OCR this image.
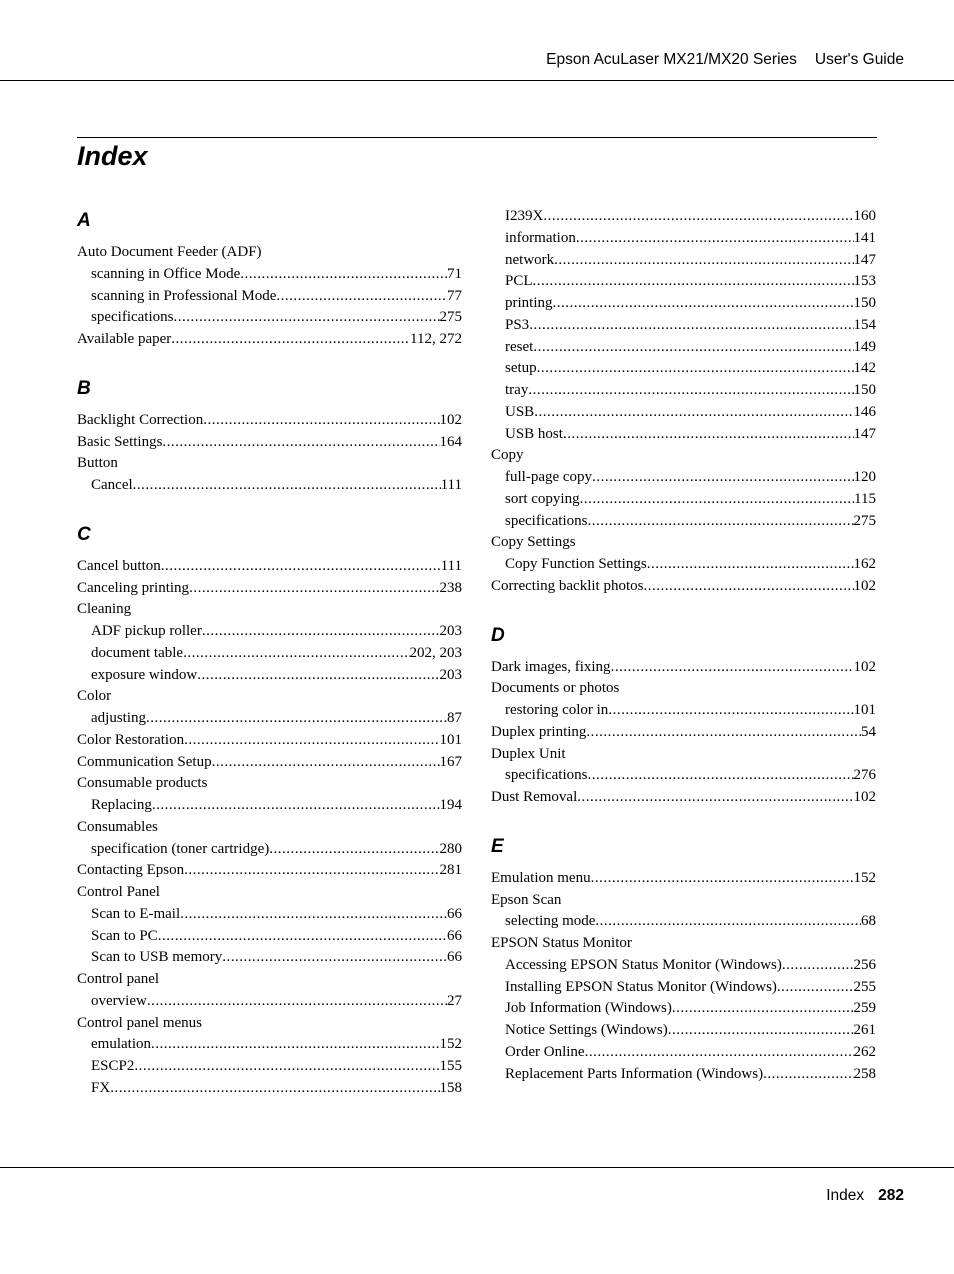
Epson AcuLaser MX21/MX20 Series User's Guide
Index
A
Auto Document Feeder (ADF)
scanning in Office Mode .....	71
scanning in Professional Mode .....	77
specifications .....	275
Available paper .....	112, 272
B
Backlight Correction .....	102
Basic Settings .....	164
Button
Cancel .....	111
C
Cancel button .....	111
Canceling printing .....	238
Cleaning
ADF pickup roller .....	203
document table .....	202, 203
exposure window .....	203
Color
adjusting .....	87
Color Restoration .....	101
Communication Setup .....	167
Consumable products
Replacing .....	194
Consumables
specification (toner cartridge) .....	280
Contacting Epson .....	281
Control Panel
Scan to E-mail .....	66
Scan to PC .....	66
Scan to USB memory .....	66
Control panel
overview .....	27
Control panel menus
emulation .....	152
ESCP2 .....	155
FX .....	158
I239X .....	160
information .....	141
network .....	147
PCL .....	153
printing .....	150
PS3 .....	154
reset .....	149
setup .....	142
tray .....	150
USB .....	146
USB host .....	147
Copy
full-page copy .....	120
sort copying .....	115
specifications .....	275
Copy Settings
Copy Function Settings .....	162
Correcting backlit photos .....	102
D
Dark images, fixing .....	102
Documents or photos
restoring color in .....	101
Duplex printing .....	54
Duplex Unit
specifications .....	276
Dust Removal .....	102
E
Emulation menu .....	152
Epson Scan
selecting mode .....	68
EPSON Status Monitor
Accessing EPSON Status Monitor (Windows) .....	256
Installing EPSON Status Monitor (Windows) .....	255
Job Information (Windows) .....	259
Notice Settings (Windows) .....	261
Order Online .....	262
Replacement Parts Information (Windows) .....	258
Index 282
